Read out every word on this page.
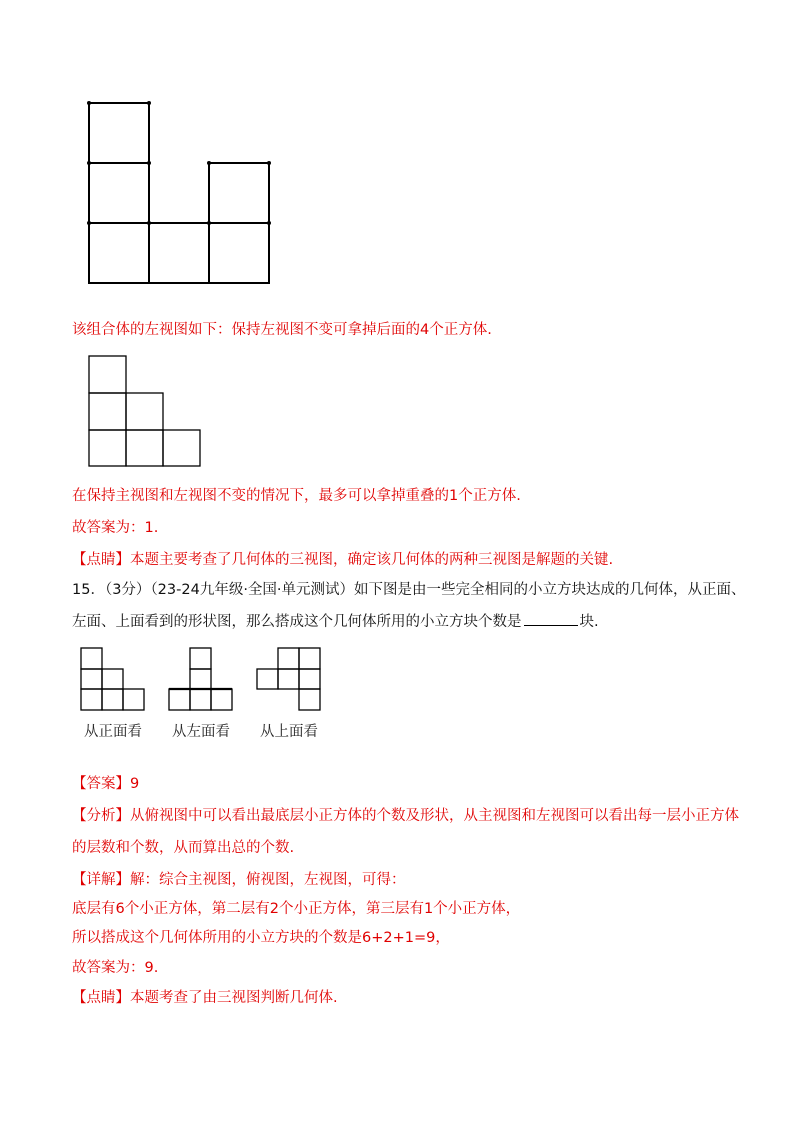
该组合体的左视图如下：保持左视图不变可拿掉后面的4个正方体.
在保持主视图和左视图不变的情况下，最多可以拿掉重叠的1个正方体.
故答案为：1.
【点睛】本题主要考查了几何体的三视图，确定该几何体的两种三视图是解题的关键.
15．（3分）（23-24九年级·全国·单元测试）如下图是由一些完全相同的小立方块达成的几何体，从正面、
左面、上面看到的形状图，那么搭成这个几何体所用的小立方块个数是	块.
从正面看 从左面看 从上面看
【答案】9
【分析】从俯视图中可以看出最底层小正方体的个数及形状，从主视图和左视图可以看出每一层小正方体
的层数和个数，从而算出总的个数.
【详解】解：综合主视图，俯视图，左视图，可得：
底层有6个小正方体，第二层有2个小正方体，第三层有1个小正方体，
所以搭成这个几何体所用的小立方块的个数是6+2+1=9，
故答案为：9.
【点睛】本题考查了由三视图判断几何体.
